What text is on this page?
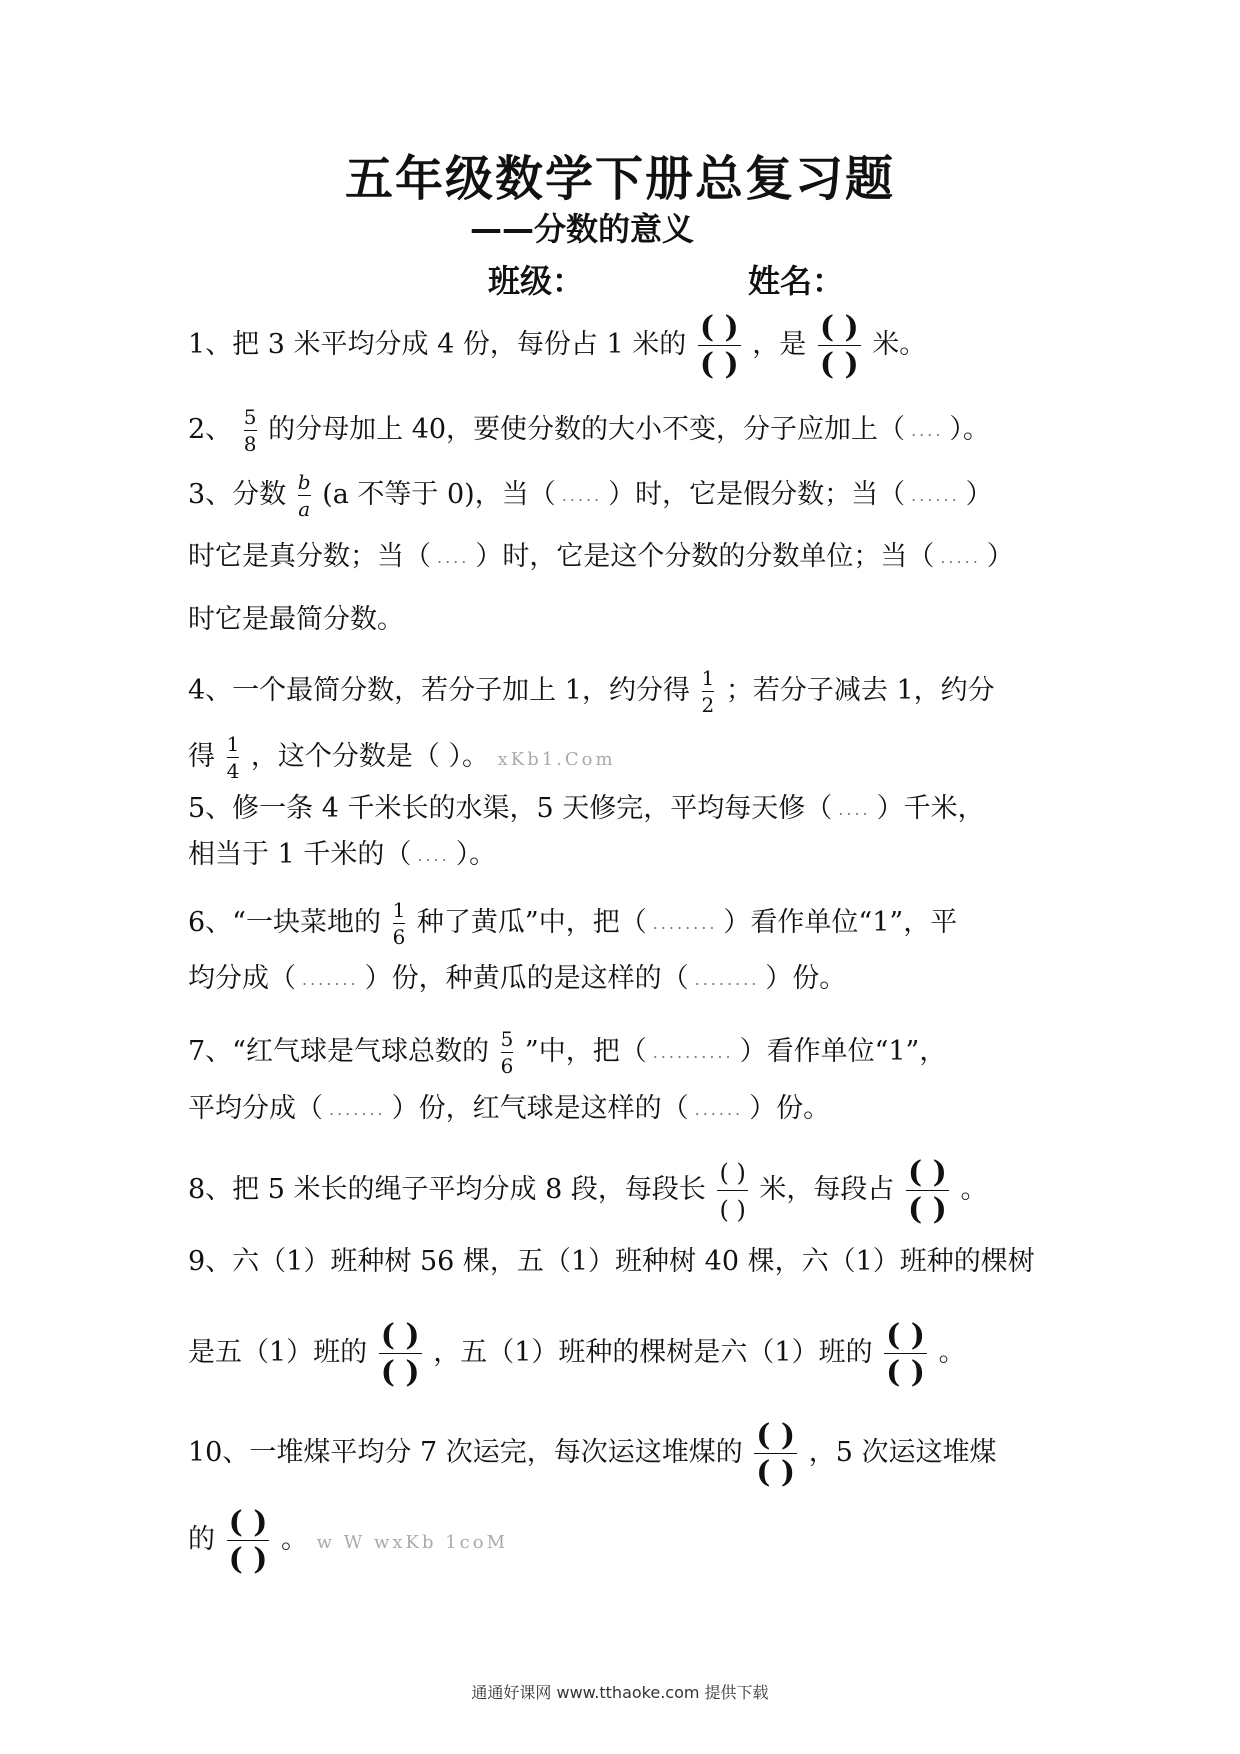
五年级数学下册总复习题
——分数的意义
班级：	姓名：
1、把 3 米平均分成 4 份，每份占 1 米的 $\frac{( )}{( )}$ ，是 $\frac{( )}{( )}$ 米。
2、 $\frac{5}{8}$ 的分母加上 40，要使分数的大小不变，分子应加上（ .... ）。
3、分数 $\frac{b}{a} (a$ 不等于 0)，当（ ..... ）时，它是假分数；当（ ...... ）
时它是真分数；当（ .... ）时，它是这个分数的分数单位；当（ ..... ）
时它是最简分数。
4、一个最简分数，若分子加上 1，约分得 $\frac{1}{2}$ ；若分子减去 1，约分
得 $\frac{1}{4}$ ，这个分数是（ ）。 xKb1.Com
5、修一条 4 千米长的水渠，5 天修完，平均每天修（ .... ）千米，
相当于 1 千米的（ .... ）。
6、“一块菜地的 $\frac{1}{6}$ 种了黄瓜”中，把（ ........ ）看作单位“1”，平
均分成（ ....... ）份，种黄瓜的是这样的（ ........ ）份。
7、“红气球是气球总数的 $\frac{5}{6}$ ”中，把（ .......... ）看作单位“1”，
平均分成（ ....... ）份，红气球是这样的（ ...... ）份。
8、把 5 米长的绳子平均分成 8 段，每段长 $\frac{( )}{( )}$ 米，每段占 $\frac{( )}{( )}$ 。
9、六（1）班种树 56 棵，五（1）班种树 40 棵，六（1）班种的棵树
是五（1）班的 $\frac{( )}{( )}$ ，五（1）班种的棵树是六（1）班的 $\frac{( )}{( )}$ 。
10、一堆煤平均分 7 次运完，每次运这堆煤的 $\frac{( )}{( )}$ ，5 次运这堆煤
的 $\frac{( )}{( )}$ 。 w W wxKb 1coM
通通好课网 www.tthaoke.com 提供下载
